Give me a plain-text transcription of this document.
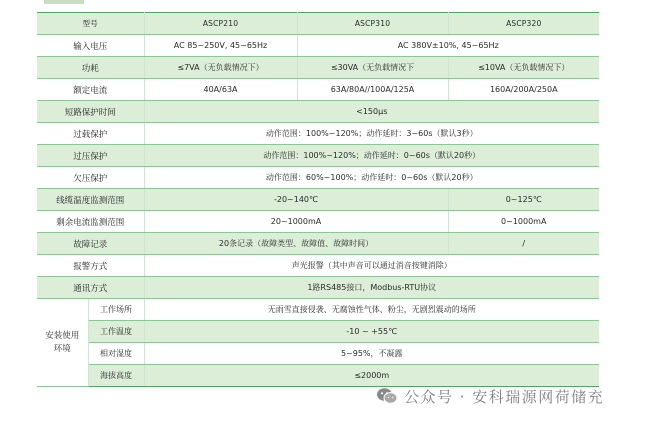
型号		ASCP210	ASCP310	ASCP320
输入电压		AC 85~250V, 45~65Hz	AC 380V±10%, 45~65Hz	
功耗		≤7VA（无负载情况下）	≤30VA（无负载情况下	≤10VA（无负载情况下）
额定电流		40A/63A	63A/80A//100A/125A	160A/200A/250A
短路保护时间		<150μs		
过载保护		动作范围：100%~120%；动作延时：3~60s（默认3秒）		
过压保护		动作范围：100%~120%；动作延时：0~60s（默认20秒）		
欠压保护		动作范围：60%~100%；动作延时：0~60s（默认20秒）		
线缆温度监测范围		-20~140℃		0~125℃
剩余电流监测范围		20~1000mA		0~1000mA
故障记录		20条记录（故障类型、故障值、故障时间）		/
报警方式		声光报警（其中声音可以通过消音按键消除）		
通讯方式		1路RS485接口，Modbus-RTU协议		
安装使用
环境	工作场所	无雨雪直接侵袭、无腐蚀性气体、粉尘，无剧烈震动的场所		
	工作温度	-10 ~ +55℃		
	相对湿度	5~95%，不凝露		
	海拔高度	≤2000m		
公众号 · 安科瑞源网荷储充
